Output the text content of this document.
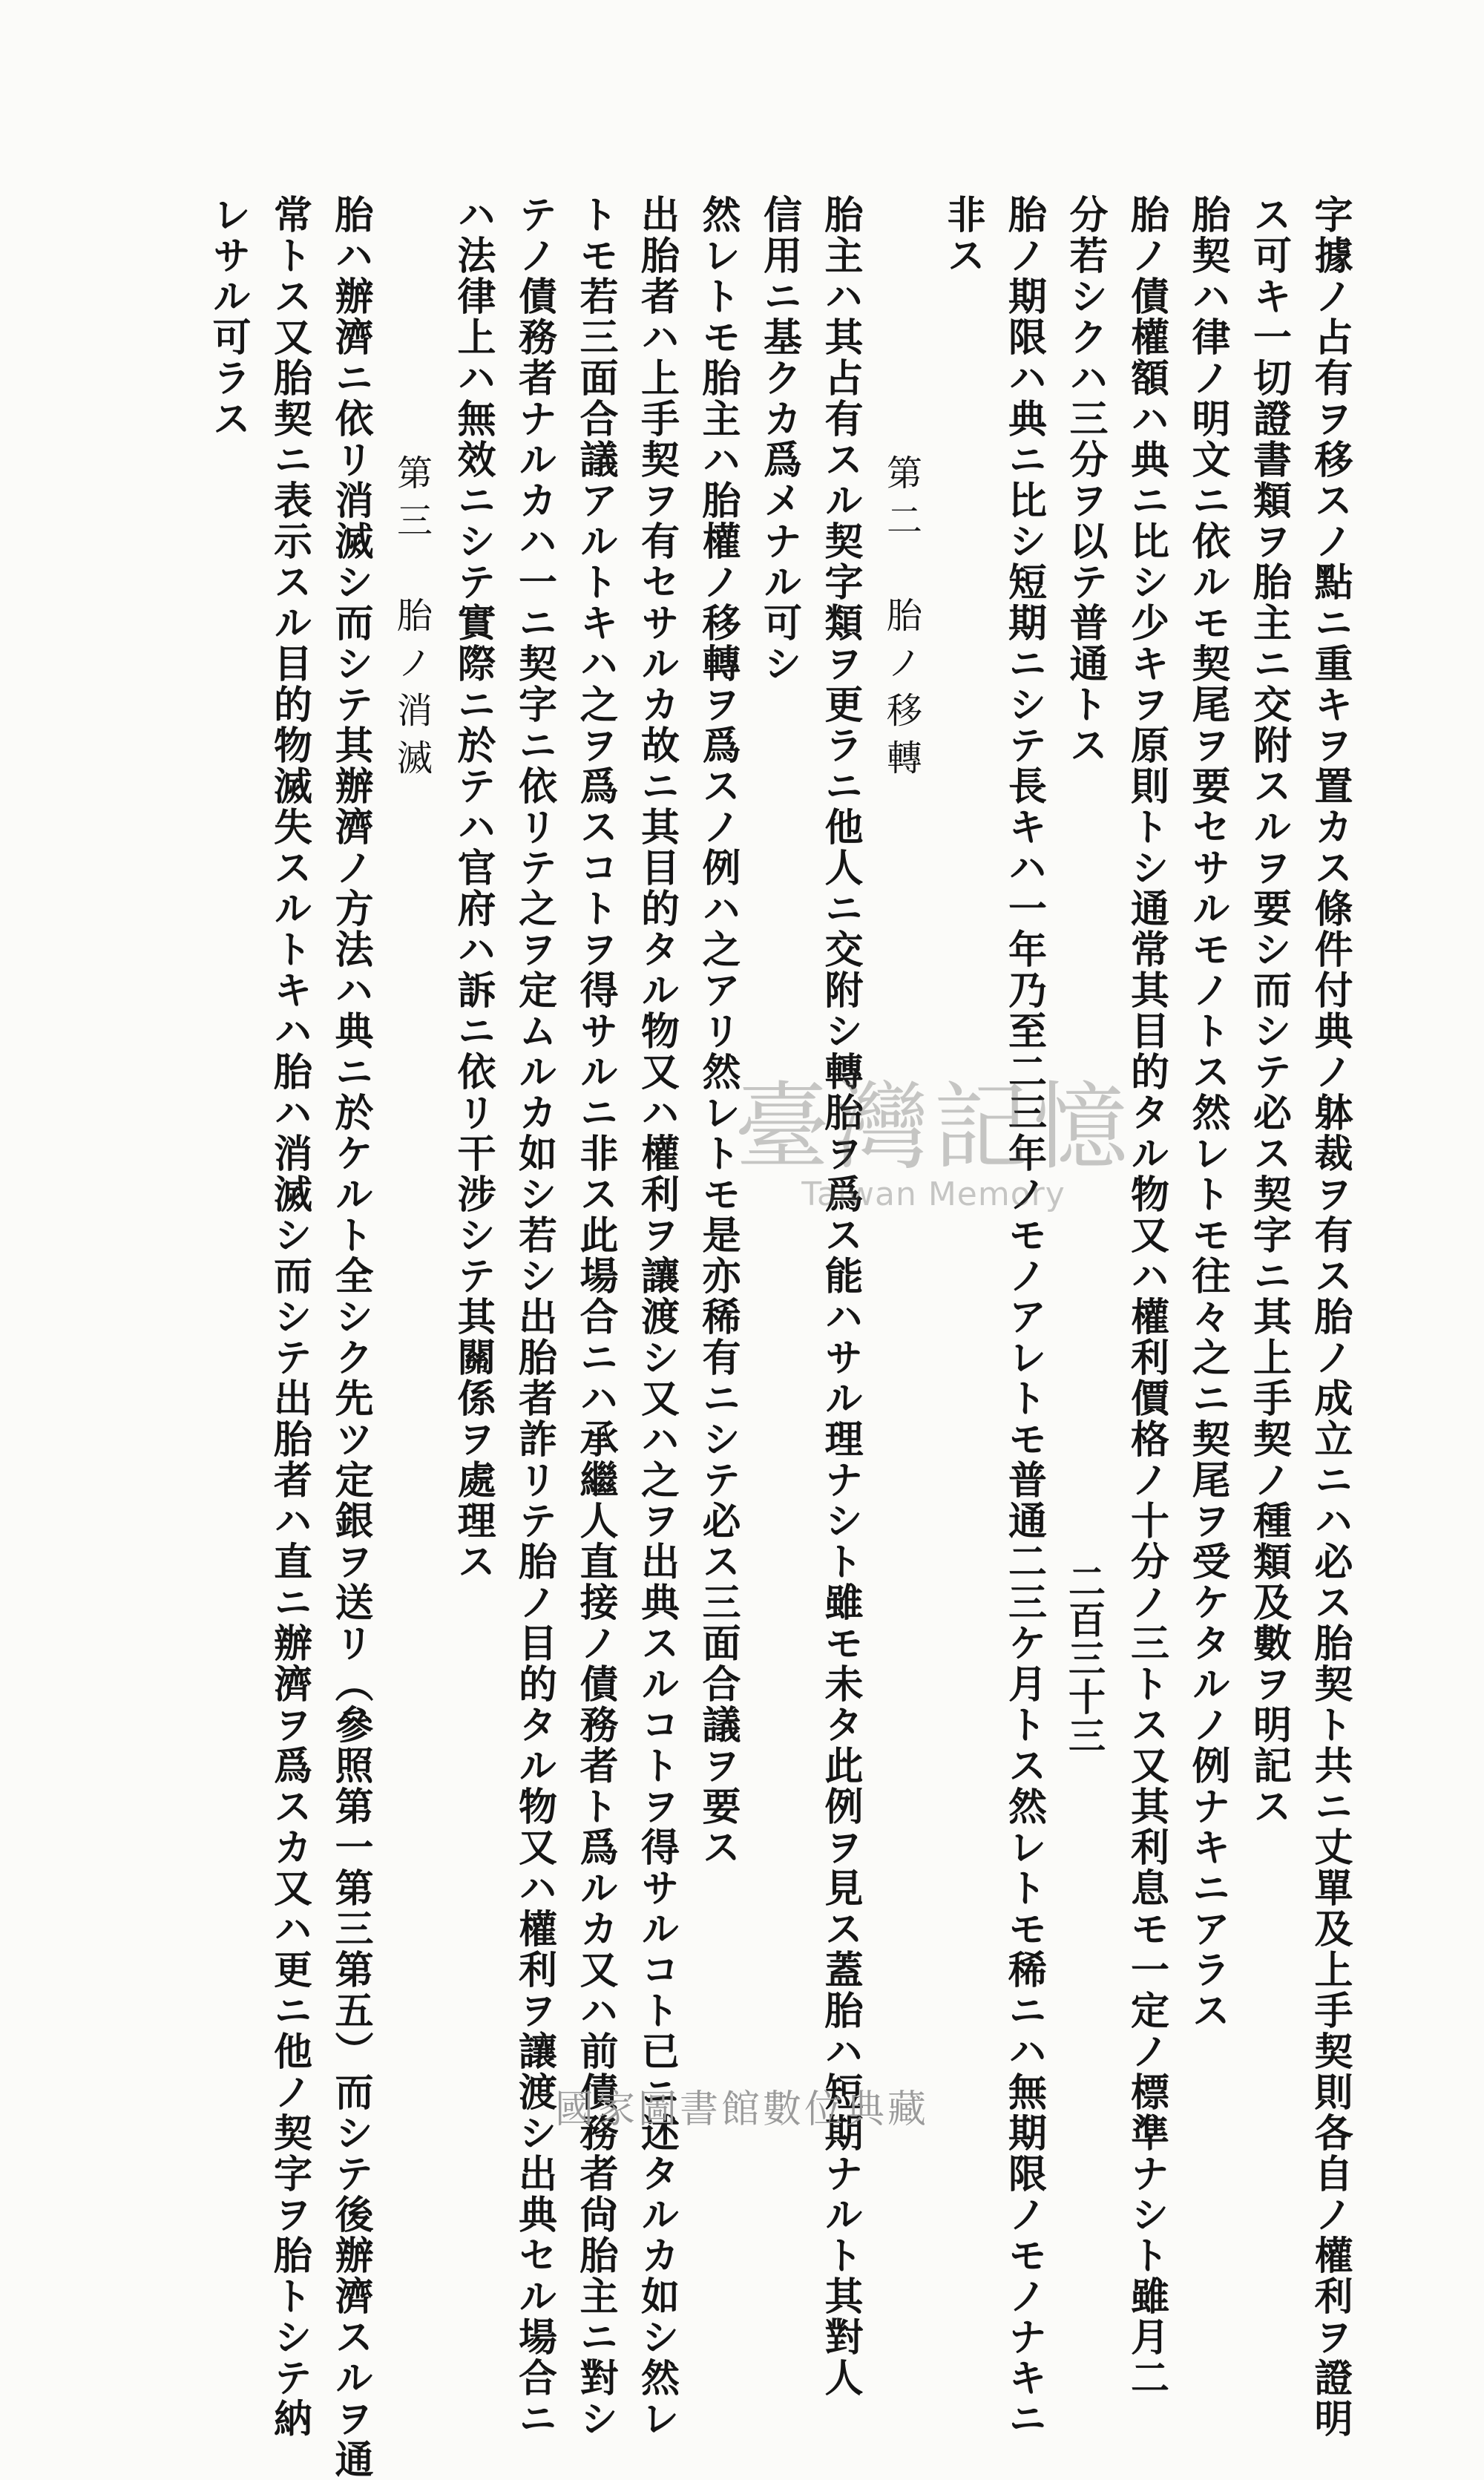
字據ノ占有ヲ移スノ點ニ重キヲ置カス條件付典ノ躰裁ヲ有ス胎ノ成立ニハ必ス胎契ト共ニ丈單及上手契則各自ノ權利ヲ證明
ス可キ一切證書類ヲ胎主ニ交附スルヲ要シ而シテ必ス契字ニ其上手契ノ種類及數ヲ明記ス
胎契ハ律ノ明文ニ依ルモ契尾ヲ要セサルモノトス然レトモ往々之ニ契尾ヲ受ケタルノ例ナキニアラス
胎ノ債權額ハ典ニ比シ少キヲ原則トシ通常其目的タル物又ハ權利價格ノ十分ノ三トス又其利息モ一定ノ標準ナシト雖月二
分若シクハ三分ヲ以テ普通トス
胎ノ期限ハ典ニ比シ短期ニシテ長キハ一年乃至二三年ノモノアレトモ普通二三ケ月トス然レトモ稀ニハ無期限ノモノナキニ
非ス
第二　胎ノ移轉
胎主ハ其占有スル契字類ヲ更ラニ他人ニ交附シ轉胎ヲ爲ス能ハサル理ナシト雖モ未タ此例ヲ見ス蓋胎ハ短期ナルト其對人
信用ニ基クカ爲メナル可シ
然レトモ胎主ハ胎權ノ移轉ヲ爲スノ例ハ之アリ然レトモ是亦稀有ニシテ必ス三面合議ヲ要ス
出胎者ハ上手契ヲ有セサルカ故ニ其目的タル物又ハ權利ヲ讓渡シ又ハ之ヲ出典スルコトヲ得サルコト已ニ述タルカ如シ然レ
トモ若三面合議アルトキハ之ヲ爲スコトヲ得サルニ非ス此場合ニハ承繼人直接ノ債務者ト爲ルカ又ハ前債務者尙胎主ニ對シ
テノ債務者ナルカハ一ニ契字ニ依リテ之ヲ定ムルカ如シ若シ出胎者詐リテ胎ノ目的タル物又ハ權利ヲ讓渡シ出典セル場合ニ
ハ法律上ハ無效ニシテ實際ニ於テハ官府ハ訴ニ依リ干涉シテ其關係ヲ處理ス
第三　胎ノ消滅
胎ハ辦濟ニ依リ消滅シ而シテ其辦濟ノ方法ハ典ニ於ケルト全シク先ツ定銀ヲ送リ（參照第一第三第五）而シテ後辦濟スルヲ通
常トス又胎契ニ表示スル目的物滅失スルトキハ胎ハ消滅シ而シテ出胎者ハ直ニ辦濟ヲ爲スカ又ハ更ニ他ノ契字ヲ胎トシテ納
レサル可ラス
二百三十三
臺灣記憶
Taiwan Memory
國家圖書館數位典藏
